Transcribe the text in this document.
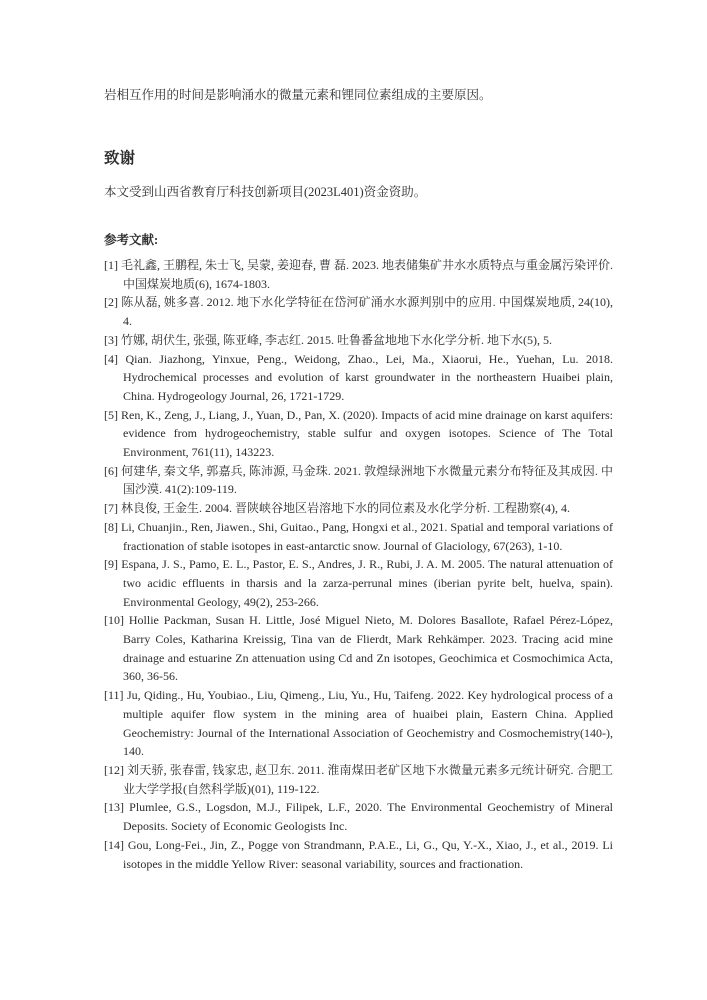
岩相互作用的时间是影响涌水的微量元素和锂同位素组成的主要原因。

致谢

本文受到山西省教育厅科技创新项目(2023L401)资金资助。

参考文献:
[1] 毛礼鑫, 王鹏程, 朱士飞, 吴蒙, 姜迎春, 曹 磊. 2023. 地表储集矿井水水质特点与重金属污染评价. 中国煤炭地质(6), 1674-1803.
[2] 陈从磊, 姚多喜. 2012. 地下水化学特征在岱河矿涌水水源判别中的应用. 中国煤炭地质, 24(10), 4.
[3] 竹娜, 胡伏生, 张强, 陈亚峰, 李志红. 2015. 吐鲁番盆地地下水化学分析. 地下水(5), 5.
[4] Qian. Jiazhong, Yinxue, Peng., Weidong, Zhao., Lei, Ma., Xiaorui, He., Yuehan, Lu. 2018. Hydrochemical processes and evolution of karst groundwater in the northeastern Huaibei plain, China. Hydrogeology Journal, 26, 1721-1729.
[5] Ren, K., Zeng, J., Liang, J., Yuan, D., Pan, X. (2020). Impacts of acid mine drainage on karst aquifers: evidence from hydrogeochemistry, stable sulfur and oxygen isotopes. Science of The Total Environment, 761(11), 143223.
[6] 何建华, 秦文华, 郭嘉兵, 陈沛源, 马金珠. 2021. 敦煌绿洲地下水微量元素分布特征及其成因. 中国沙漠. 41(2):109-119.
[7] 林良俊, 王金生. 2004. 晋陕峡谷地区岩溶地下水的同位素及水化学分析. 工程勘察(4), 4.
[8] Li, Chuanjin., Ren, Jiawen., Shi, Guitao., Pang, Hongxi et al., 2021. Spatial and temporal variations of fractionation of stable isotopes in east-antarctic snow. Journal of Glaciology, 67(263), 1-10.
[9] Espana, J. S., Pamo, E. L., Pastor, E. S., Andres, J. R., Rubi, J. A. M. 2005. The natural attenuation of two acidic effluents in tharsis and la zarza-perrunal mines (iberian pyrite belt, huelva, spain). Environmental Geology, 49(2), 253-266.
[10] Hollie Packman, Susan H. Little, José Miguel Nieto, M. Dolores Basallote, Rafael Pérez-López, Barry Coles, Katharina Kreissig, Tina van de Flierdt, Mark Rehkämper. 2023. Tracing acid mine drainage and estuarine Zn attenuation using Cd and Zn isotopes, Geochimica et Cosmochimica Acta, 360, 36-56.
[11] Ju, Qiding., Hu, Youbiao., Liu, Qimeng., Liu, Yu., Hu, Taifeng. 2022. Key hydrological process of a multiple aquifer flow system in the mining area of huaibei plain, Eastern China. Applied Geochemistry: Journal of the International Association of Geochemistry and Cosmochemistry(140-), 140.
[12] 刘天骄, 张春雷, 钱家忠, 赵卫东. 2011. 淮南煤田老矿区地下水微量元素多元统计研究. 合肥工业大学学报(自然科学版)(01), 119-122.
[13] Plumlee, G.S., Logsdon, M.J., Filipek, L.F., 2020. The Environmental Geochemistry of Mineral Deposits. Society of Economic Geologists Inc.
[14] Gou, Long-Fei., Jin, Z., Pogge von Strandmann, P.A.E., Li, G., Qu, Y.-X., Xiao, J., et al., 2019. Li isotopes in the middle Yellow River: seasonal variability, sources and fractionation.
